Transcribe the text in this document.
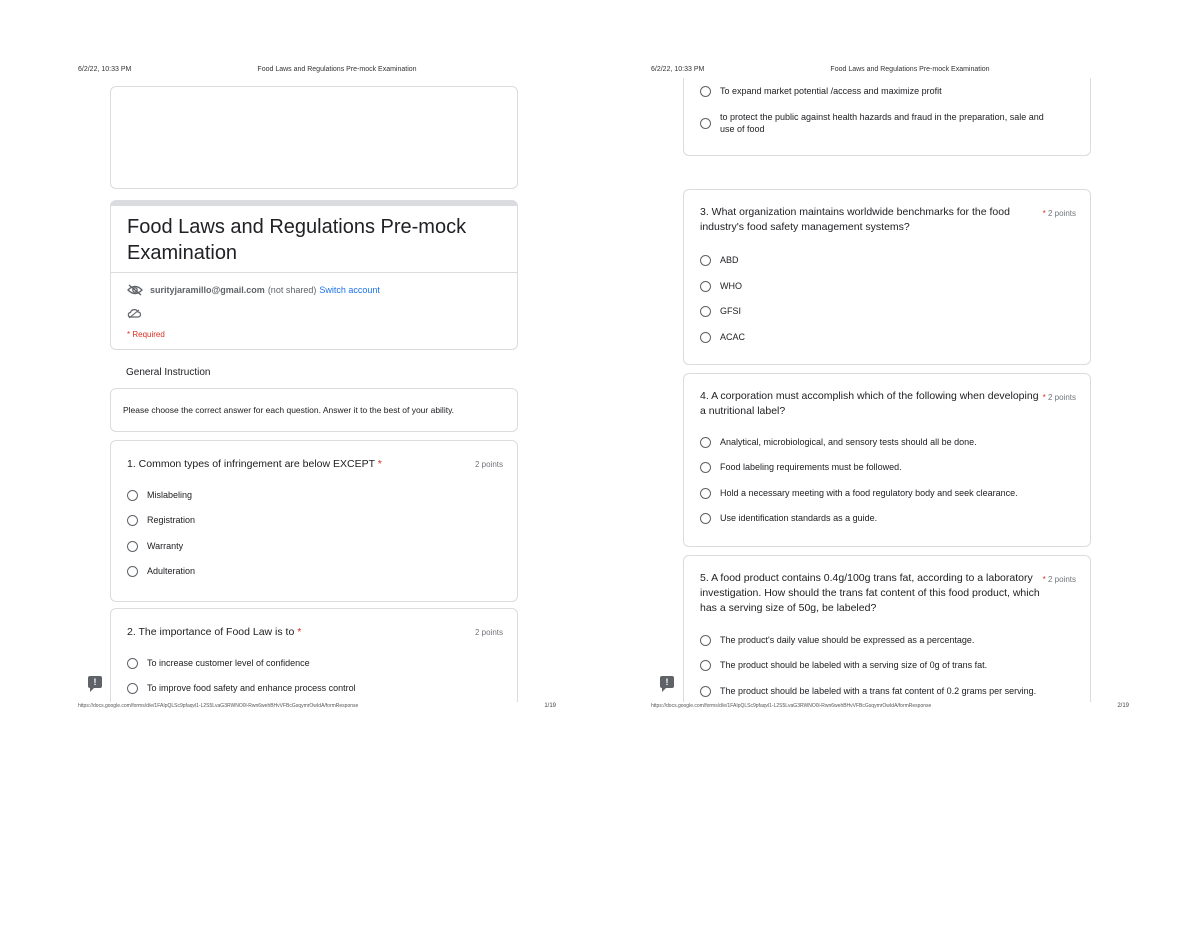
6/2/22, 10:33 PM	Food Laws and Regulations Pre-mock Examination
Food Laws and Regulations Pre-mock Examination
surityjaramillo@gmail.com (not shared) Switch account
* Required
General Instruction
Please choose the correct answer for each question. Answer it to the best of your ability.
1. Common types of infringement are below EXCEPT *	2 points
Mislabeling
Registration
Warranty
Adulteration
2. The importance of Food Law is to *	2 points
To increase customer level of confidence
To improve food safety and enhance process control
!
https://docs.google.com/forms/d/e/1FAIpQLSc9pfaqvl1-L2S5LvaG3RWNO0l-Rwn6wehBHvVFBcGsqymrOwIdA/formResponse	1/19
6/2/22, 10:33 PM	Food Laws and Regulations Pre-mock Examination
To expand market potential /access and maximize profit
to protect the public against health hazards and fraud in the preparation, sale and
use of food
3. What organization maintains worldwide benchmarks for the food
industry's food safety management systems?
* 2 points
ABD
WHO
GFSI
ACAC
4. A corporation must accomplish which of the following when developing
a nutritional label?
* 2 points
Analytical, microbiological, and sensory tests should all be done.
Food labeling requirements must be followed.
Hold a necessary meeting with a food regulatory body and seek clearance.
Use identification standards as a guide.
5. A food product contains 0.4g/100g trans fat, according to a laboratory
investigation. How should the trans fat content of this food product, which
has a serving size of 50g, be labeled?
* 2 points
The product's daily value should be expressed as a percentage.
The product should be labeled with a serving size of 0g of trans fat.
The product should be labeled with a trans fat content of 0.2 grams per serving.
!
https://docs.google.com/forms/d/e/1FAIpQLSc9pfaqvl1-L2S5LvaG3RWNO0l-Rwn6wehBHvVFBcGsqymrOwIdA/formResponse	2/19
